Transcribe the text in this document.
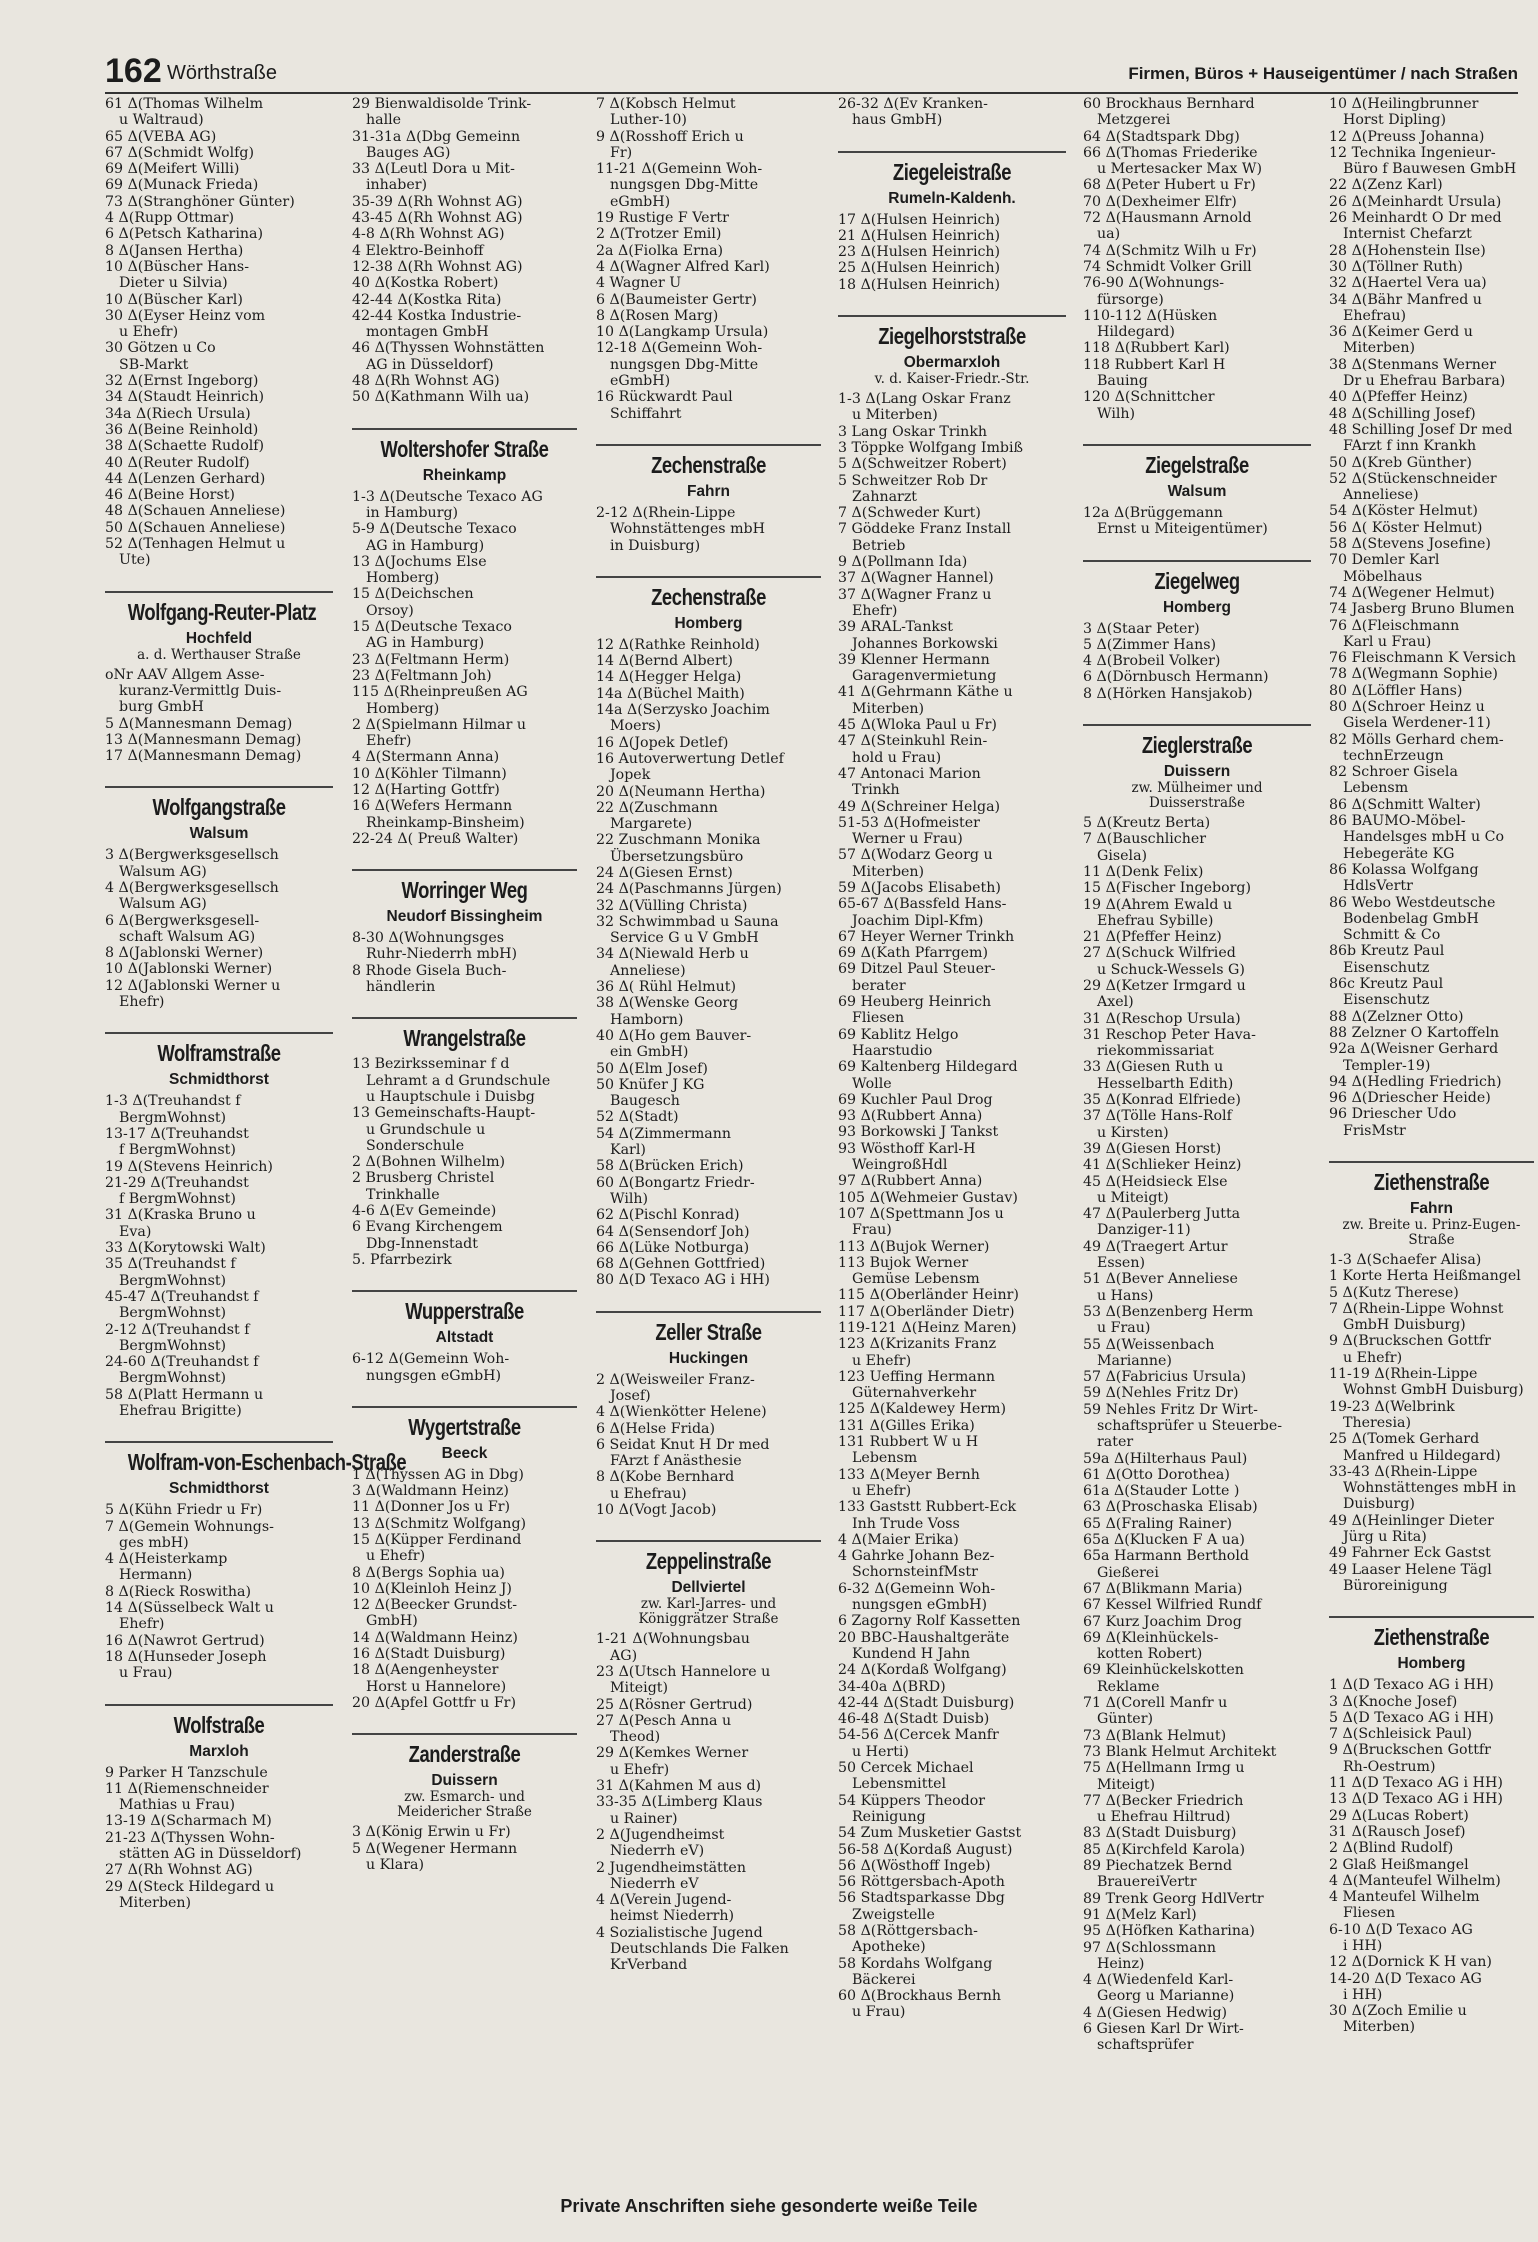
162 Wörthstraße	Firmen, Büros + Hauseigentümer / nach Straßen
61 Δ(Thomas Wilhelm
u Waltraud)
65 Δ(VEBA AG)
67 Δ(Schmidt Wolfg)
69 Δ(Meifert Willi)
69 Δ(Munack Frieda)
73 Δ(Stranghöner Günter)
4 Δ(Rupp Ottmar)
6 Δ(Petsch Katharina)
8 Δ(Jansen Hertha)
10 Δ(Büscher Hans-
Dieter u Silvia)
10 Δ(Büscher Karl)
30 Δ(Eyser Heinz vom
u Ehefr)
30 Götzen u Co
SB-Markt
32 Δ(Ernst Ingeborg)
34 Δ(Staudt Heinrich)
34a Δ(Riech Ursula)
36 Δ(Beine Reinhold)
38 Δ(Schaette Rudolf)
40 Δ(Reuter Rudolf)
44 Δ(Lenzen Gerhard)
46 Δ(Beine Horst)
48 Δ(Schauen Anneliese)
50 Δ(Schauen Anneliese)
52 Δ(Tenhagen Helmut u
Ute)
Wolfgang-Reuter-Platz
Hochfeld
a. d. Werthauser Straße
oNr AAV Allgem Asse-
kuranz-Vermittlg Duis-
burg GmbH
5 Δ(Mannesmann Demag)
13 Δ(Mannesmann Demag)
17 Δ(Mannesmann Demag)
Wolfgangstraße
Walsum
3 Δ(Bergwerksgesellsch
Walsum AG)
4 Δ(Bergwerksgesellsch
Walsum AG)
6 Δ(Bergwerksgesell-
schaft Walsum AG)
8 Δ(Jablonski Werner)
10 Δ(Jablonski Werner)
12 Δ(Jablonski Werner u
Ehefr)
Wolframstraße
Schmidthorst
1-3 Δ(Treuhandst f
BergmWohnst)
13-17 Δ(Treuhandst
f BergmWohnst)
19 Δ(Stevens Heinrich)
21-29 Δ(Treuhandst
f BergmWohnst)
31 Δ(Kraska Bruno u
Eva)
33 Δ(Korytowski Walt)
35 Δ(Treuhandst f
BergmWohnst)
45-47 Δ(Treuhandst f
BergmWohnst)
2-12 Δ(Treuhandst f
BergmWohnst)
24-60 Δ(Treuhandst f
BergmWohnst)
58 Δ(Platt Hermann u
Ehefrau Brigitte)
Wolfram-von-Eschenbach-Straße
Schmidthorst
5 Δ(Kühn Friedr u Fr)
7 Δ(Gemein Wohnungs-
ges mbH)
4 Δ(Heisterkamp
Hermann)
8 Δ(Rieck Roswitha)
14 Δ(Süsselbeck Walt u
Ehefr)
16 Δ(Nawrot Gertrud)
18 Δ(Hunseder Joseph
u Frau)
Wolfstraße
Marxloh
9 Parker H Tanzschule
11 Δ(Riemenschneider
Mathias u Frau)
13-19 Δ(Scharmach M)
21-23 Δ(Thyssen Wohn-
stätten AG in Düsseldorf)
27 Δ(Rh Wohnst AG)
29 Δ(Steck Hildegard u
Miterben)
29 Bienwaldisolde Trink-
halle
31-31a Δ(Dbg Gemeinn
Bauges AG)
33 Δ(Leutl Dora u Mit-
inhaber)
35-39 Δ(Rh Wohnst AG)
43-45 Δ(Rh Wohnst AG)
4-8 Δ(Rh Wohnst AG)
4 Elektro-Beinhoff
12-38 Δ(Rh Wohnst AG)
40 Δ(Kostka Robert)
42-44 Δ(Kostka Rita)
42-44 Kostka Industrie-
montagen GmbH
46 Δ(Thyssen Wohnstätten
AG in Düsseldorf)
48 Δ(Rh Wohnst AG)
50 Δ(Kathmann Wilh ua)
Woltershofer Straße
Rheinkamp
1-3 Δ(Deutsche Texaco AG
in Hamburg)
5-9 Δ(Deutsche Texaco
AG in Hamburg)
13 Δ(Jochums Else
Homberg)
15 Δ(Deichschen
Orsoy)
15 Δ(Deutsche Texaco
AG in Hamburg)
23 Δ(Feltmann Herm)
23 Δ(Feltmann Joh)
115 Δ(Rheinpreußen AG
Homberg)
2 Δ(Spielmann Hilmar u
Ehefr)
4 Δ(Stermann Anna)
10 Δ(Köhler Tilmann)
12 Δ(Harting Gottfr)
16 Δ(Wefers Hermann
Rheinkamp-Binsheim)
22-24 Δ( Preuß Walter)
Worringer Weg
Neudorf Bissingheim
8-30 Δ(Wohnungsges
Ruhr-Niederrh mbH)
8 Rhode Gisela Buch-
händlerin
Wrangelstraße
13 Bezirksseminar f d
Lehramt a d Grundschule
u Hauptschule i Duisbg
13 Gemeinschafts-Haupt-
u Grundschule u
Sonderschule
2 Δ(Bohnen Wilhelm)
2 Brusberg Christel
Trinkhalle
4-6 Δ(Ev Gemeinde)
6 Evang Kirchengem
Dbg-Innenstadt
5. Pfarrbezirk
Wupperstraße
Altstadt
6-12 Δ(Gemeinn Woh-
nungsgen eGmbH)
Wygertstraße
Beeck
1 Δ(Thyssen AG in Dbg)
3 Δ(Waldmann Heinz)
11 Δ(Donner Jos u Fr)
13 Δ(Schmitz Wolfgang)
15 Δ(Küpper Ferdinand
u Ehefr)
8 Δ(Bergs Sophia ua)
10 Δ(Kleinloh Heinz J)
12 Δ(Beecker Grundst-
GmbH)
14 Δ(Waldmann Heinz)
16 Δ(Stadt Duisburg)
18 Δ(Aengenheyster
Horst u Hannelore)
20 Δ(Apfel Gottfr u Fr)
Zanderstraße
Duissern
zw. Esmarch- und
Meidericher Straße
3 Δ(König Erwin u Fr)
5 Δ(Wegener Hermann
u Klara)
7 Δ(Kobsch Helmut
Luther-10)
9 Δ(Rosshoff Erich u
Fr)
11-21 Δ(Gemeinn Woh-
nungsgen Dbg-Mitte
eGmbH)
19 Rustige F Vertr
2 Δ(Trotzer Emil)
2a Δ(Fiolka Erna)
4 Δ(Wagner Alfred Karl)
4 Wagner U
6 Δ(Baumeister Gertr)
8 Δ(Rosen Marg)
10 Δ(Langkamp Ursula)
12-18 Δ(Gemeinn Woh-
nungsgen Dbg-Mitte
eGmbH)
16 Rückwardt Paul
Schiffahrt
Zechenstraße
Fahrn
2-12 Δ(Rhein-Lippe
Wohnstättenges mbH
in Duisburg)
Zechenstraße
Homberg
12 Δ(Rathke Reinhold)
14 Δ(Bernd Albert)
14 Δ(Hegger Helga)
14a Δ(Büchel Maith)
14a Δ(Serzysko Joachim
Moers)
16 Δ(Jopek Detlef)
16 Autoverwertung Detlef
Jopek
20 Δ(Neumann Hertha)
22 Δ(Zuschmann
Margarete)
22 Zuschmann Monika
Übersetzungsbüro
24 Δ(Giesen Ernst)
24 Δ(Paschmanns Jürgen)
32 Δ(Vülling Christa)
32 Schwimmbad u Sauna
Service G u V GmbH
34 Δ(Niewald Herb u
Anneliese)
36 Δ( Rühl Helmut)
38 Δ(Wenske Georg
Hamborn)
40 Δ(Ho gem Bauver-
ein GmbH)
50 Δ(Elm Josef)
50 Knüfer J KG
Baugesch
52 Δ(Stadt)
54 Δ(Zimmermann
Karl)
58 Δ(Brücken Erich)
60 Δ(Bongartz Friedr-
Wilh)
62 Δ(Pischl Konrad)
64 Δ(Sensendorf Joh)
66 Δ(Lüke Notburga)
68 Δ(Gehnen Gottfried)
80 Δ(D Texaco AG i HH)
Zeller Straße
Huckingen
2 Δ(Weisweiler Franz-
Josef)
4 Δ(Wienkötter Helene)
6 Δ(Helse Frida)
6 Seidat Knut H Dr med
FArzt f Anästhesie
8 Δ(Kobe Bernhard
u Ehefrau)
10 Δ(Vogt Jacob)
Zeppelinstraße
Dellviertel
zw. Karl-Jarres- und
Königgrätzer Straße
1-21 Δ(Wohnungsbau
AG)
23 Δ(Utsch Hannelore u
Miteigt)
25 Δ(Rösner Gertrud)
27 Δ(Pesch Anna u
Theod)
29 Δ(Kemkes Werner
u Ehefr)
31 Δ(Kahmen M aus d)
33-35 Δ(Limberg Klaus
u Rainer)
2 Δ(Jugendheimst
Niederrh eV)
2 Jugendheimstätten
Niederrh eV
4 Δ(Verein Jugend-
heimst Niederrh)
4 Sozialistische Jugend
Deutschlands Die Falken
KrVerband
26-32 Δ(Ev Kranken-
haus GmbH)
Ziegeleistraße
Rumeln-Kaldenh.
17 Δ(Hulsen Heinrich)
21 Δ(Hulsen Heinrich)
23 Δ(Hulsen Heinrich)
25 Δ(Hulsen Heinrich)
18 Δ(Hulsen Heinrich)
Ziegelhorststraße
Obermarxloh
v. d. Kaiser-Friedr.-Str.
1-3 Δ(Lang Oskar Franz
u Miterben)
3 Lang Oskar Trinkh
3 Töppke Wolfgang Imbiß
5 Δ(Schweitzer Robert)
5 Schweitzer Rob Dr
Zahnarzt
7 Δ(Schweder Kurt)
7 Göddeke Franz Install
Betrieb
9 Δ(Pollmann Ida)
37 Δ(Wagner Hannel)
37 Δ(Wagner Franz u
Ehefr)
39 ARAL-Tankst
Johannes Borkowski
39 Klenner Hermann
Garagenvermietung
41 Δ(Gehrmann Käthe u
Miterben)
45 Δ(Wloka Paul u Fr)
47 Δ(Steinkuhl Rein-
hold u Frau)
47 Antonaci Marion
Trinkh
49 Δ(Schreiner Helga)
51-53 Δ(Hofmeister
Werner u Frau)
57 Δ(Wodarz Georg u
Miterben)
59 Δ(Jacobs Elisabeth)
65-67 Δ(Bassfeld Hans-
Joachim Dipl-Kfm)
67 Heyer Werner Trinkh
69 Δ(Kath Pfarrgem)
69 Ditzel Paul Steuer-
berater
69 Heuberg Heinrich
Fliesen
69 Kablitz Helgo
Haarstudio
69 Kaltenberg Hildegard
Wolle
69 Kuchler Paul Drog
93 Δ(Rubbert Anna)
93 Borkowski J Tankst
93 Wösthoff Karl-H
WeingroßHdl
97 Δ(Rubbert Anna)
105 Δ(Wehmeier Gustav)
107 Δ(Spettmann Jos u
Frau)
113 Δ(Bujok Werner)
113 Bujok Werner
Gemüse Lebensm
115 Δ(Oberländer Heinr)
117 Δ(Oberländer Dietr)
119-121 Δ(Heinz Maren)
123 Δ(Krizanits Franz
u Ehefr)
123 Ueffing Hermann
Güternahverkehr
125 Δ(Kaldewey Herm)
131 Δ(Gilles Erika)
131 Rubbert W u H
Lebensm
133 Δ(Meyer Bernh
u Ehefr)
133 Gaststt Rubbert-Eck
Inh Trude Voss
4 Δ(Maier Erika)
4 Gahrke Johann Bez-
SchornsteinfMstr
6-32 Δ(Gemeinn Woh-
nungsgen eGmbH)
6 Zagorny Rolf Kassetten
20 BBC-Haushaltgeräte
Kundend H Jahn
24 Δ(Kordaß Wolfgang)
34-40a Δ(BRD)
42-44 Δ(Stadt Duisburg)
46-48 Δ(Stadt Duisb)
54-56 Δ(Cercek Manfr
u Herti)
50 Cercek Michael
Lebensmittel
54 Küppers Theodor
Reinigung
54 Zum Musketier Gastst
56-58 Δ(Kordaß August)
56 Δ(Wösthoff Ingeb)
56 Röttgersbach-Apoth
56 Stadtsparkasse Dbg
Zweigstelle
58 Δ(Röttgersbach-
Apotheke)
58 Kordahs Wolfgang
Bäckerei
60 Δ(Brockhaus Bernh
u Frau)
60 Brockhaus Bernhard
Metzgerei
64 Δ(Stadtspark Dbg)
66 Δ(Thomas Friederike
u Mertesacker Max W)
68 Δ(Peter Hubert u Fr)
70 Δ(Dexheimer Elfr)
72 Δ(Hausmann Arnold
ua)
74 Δ(Schmitz Wilh u Fr)
74 Schmidt Volker Grill
76-90 Δ(Wohnungs-
fürsorge)
110-112 Δ(Hüsken
Hildegard)
118 Δ(Rubbert Karl)
118 Rubbert Karl H
Bauing
120 Δ(Schnittcher
Wilh)
Ziegelstraße
Walsum
12a Δ(Brüggemann
Ernst u Miteigentümer)
Ziegelweg
Homberg
3 Δ(Staar Peter)
5 Δ(Zimmer Hans)
4 Δ(Brobeil Volker)
6 Δ(Dörnbusch Hermann)
8 Δ(Hörken Hansjakob)
Zieglerstraße
Duissern
zw. Mülheimer und
Duisserstraße
5 Δ(Kreutz Berta)
7 Δ(Bauschlicher
Gisela)
11 Δ(Denk Felix)
15 Δ(Fischer Ingeborg)
19 Δ(Ahrem Ewald u
Ehefrau Sybille)
21 Δ(Pfeffer Heinz)
27 Δ(Schuck Wilfried
u Schuck-Wessels G)
29 Δ(Ketzer Irmgard u
Axel)
31 Δ(Reschop Ursula)
31 Reschop Peter Hava-
riekommissariat
33 Δ(Giesen Ruth u
Hesselbarth Edith)
35 Δ(Konrad Elfriede)
37 Δ(Tölle Hans-Rolf
u Kirsten)
39 Δ(Giesen Horst)
41 Δ(Schlieker Heinz)
45 Δ(Heidsieck Else
u Miteigt)
47 Δ(Paulerberg Jutta
Danziger-11)
49 Δ(Traegert Artur
Essen)
51 Δ(Bever Anneliese
u Hans)
53 Δ(Benzenberg Herm
u Frau)
55 Δ(Weissenbach
Marianne)
57 Δ(Fabricius Ursula)
59 Δ(Nehles Fritz Dr)
59 Nehles Fritz Dr Wirt-
schaftsprüfer u Steuerbe-
rater
59a Δ(Hilterhaus Paul)
61 Δ(Otto Dorothea)
61a Δ(Stauder Lotte )
63 Δ(Proschaska Elisab)
65 Δ(Fraling Rainer)
65a Δ(Klucken F A ua)
65a Harmann Berthold
Gießerei
67 Δ(Blikmann Maria)
67 Kessel Wilfried Rundf
67 Kurz Joachim Drog
69 Δ(Kleinhückels-
kotten Robert)
69 Kleinhückelskotten
Reklame
71 Δ(Corell Manfr u
Günter)
73 Δ(Blank Helmut)
73 Blank Helmut Architekt
75 Δ(Hellmann Irmg u
Miteigt)
77 Δ(Becker Friedrich
u Ehefrau Hiltrud)
83 Δ(Stadt Duisburg)
85 Δ(Kirchfeld Karola)
89 Piechatzek Bernd
BrauereiVertr
89 Trenk Georg HdlVertr
91 Δ(Melz Karl)
95 Δ(Höfken Katharina)
97 Δ(Schlossmann
Heinz)
4 Δ(Wiedenfeld Karl-
Georg u Marianne)
4 Δ(Giesen Hedwig)
6 Giesen Karl Dr Wirt-
schaftsprüfer
10 Δ(Heilingbrunner
Horst Dipling)
12 Δ(Preuss Johanna)
12 Technika Ingenieur-
Büro f Bauwesen GmbH
22 Δ(Zenz Karl)
26 Δ(Meinhardt Ursula)
26 Meinhardt O Dr med
Internist Chefarzt
28 Δ(Hohenstein Ilse)
30 Δ(Töllner Ruth)
32 Δ(Haertel Vera ua)
34 Δ(Bähr Manfred u
Ehefrau)
36 Δ(Keimer Gerd u
Miterben)
38 Δ(Stenmans Werner
Dr u Ehefrau Barbara)
40 Δ(Pfeffer Heinz)
48 Δ(Schilling Josef)
48 Schilling Josef Dr med
FArzt f inn Krankh
50 Δ(Kreb Günther)
52 Δ(Stückenschneider
Anneliese)
54 Δ(Köster Helmut)
56 Δ( Köster Helmut)
58 Δ(Stevens Josefine)
70 Demler Karl
Möbelhaus
74 Δ(Wegener Helmut)
74 Jasberg Bruno Blumen
76 Δ(Fleischmann
Karl u Frau)
76 Fleischmann K Versich
78 Δ(Wegmann Sophie)
80 Δ(Löffler Hans)
80 Δ(Schroer Heinz u
Gisela Werdener-11)
82 Mölls Gerhard chem-
technErzeugn
82 Schroer Gisela
Lebensm
86 Δ(Schmitt Walter)
86 BAUMO-Möbel-
Handelsges mbH u Co
Hebegeräte KG
86 Kolassa Wolfgang
HdlsVertr
86 Webo Westdeutsche
Bodenbelag GmbH
Schmitt & Co
86b Kreutz Paul
Eisenschutz
86c Kreutz Paul
Eisenschutz
88 Δ(Zelzner Otto)
88 Zelzner O Kartoffeln
92a Δ(Weisner Gerhard
Templer-19)
94 Δ(Hedling Friedrich)
96 Δ(Driescher Heide)
96 Driescher Udo
FrisMstr
Ziethenstraße
Fahrn
zw. Breite u. Prinz-Eugen-
Straße
1-3 Δ(Schaefer Alisa)
1 Korte Herta Heißmangel
5 Δ(Kutz Therese)
7 Δ(Rhein-Lippe Wohnst
GmbH Duisburg)
9 Δ(Bruckschen Gottfr
u Ehefr)
11-19 Δ(Rhein-Lippe
Wohnst GmbH Duisburg)
19-23 Δ(Welbrink
Theresia)
25 Δ(Tomek Gerhard
Manfred u Hildegard)
33-43 Δ(Rhein-Lippe
Wohnstättenges mbH in
Duisburg)
49 Δ(Heinlinger Dieter
Jürg u Rita)
49 Fahrner Eck Gastst
49 Laaser Helene Tägl
Büroreinigung
Ziethenstraße
Homberg
1 Δ(D Texaco AG i HH)
3 Δ(Knoche Josef)
5 Δ(D Texaco AG i HH)
7 Δ(Schleisick Paul)
9 Δ(Bruckschen Gottfr
Rh-Oestrum)
11 Δ(D Texaco AG i HH)
13 Δ(D Texaco AG i HH)
29 Δ(Lucas Robert)
31 Δ(Rausch Josef)
2 Δ(Blind Rudolf)
2 Glaß Heißmangel
4 Δ(Manteufel Wilhelm)
4 Manteufel Wilhelm
Fliesen
6-10 Δ(D Texaco AG
i HH)
12 Δ(Dornick K H van)
14-20 Δ(D Texaco AG
i HH)
30 Δ(Zoch Emilie u
Miterben)
Private Anschriften siehe gesonderte weiße Teile
